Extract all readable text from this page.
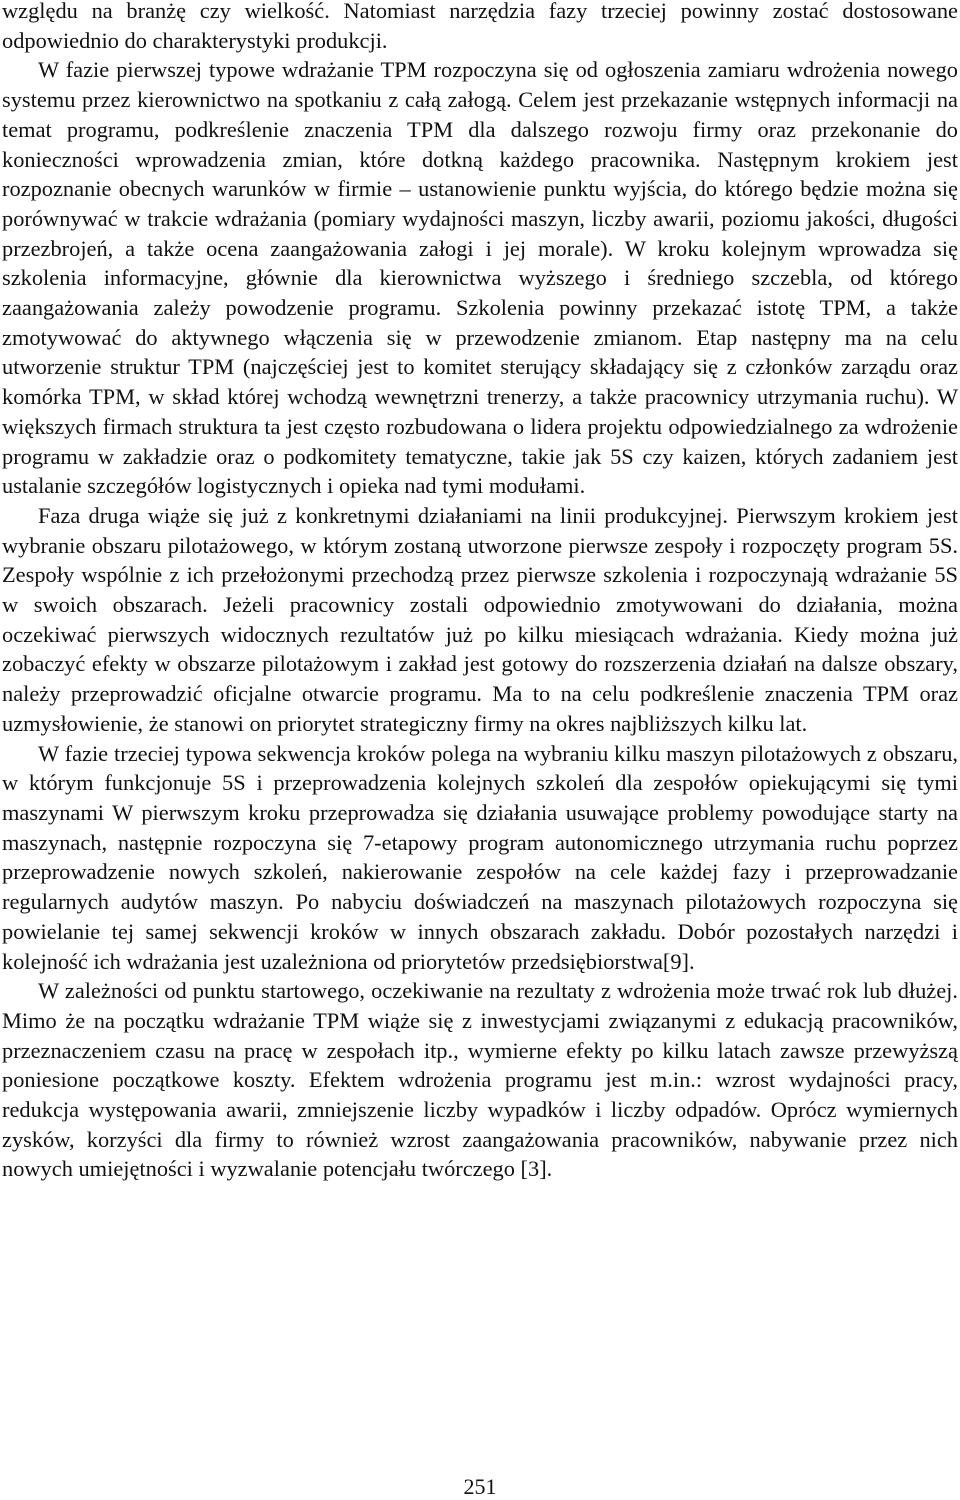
względu na branżę czy wielkość. Natomiast narzędzia fazy trzeciej powinny zostać dostosowane odpowiednio do charakterystyki produkcji.

W fazie pierwszej typowe wdrażanie TPM rozpoczyna się od ogłoszenia zamiaru wdrożenia nowego systemu przez kierownictwo na spotkaniu z całą załogą. Celem jest przekazanie wstępnych informacji na temat programu, podkreślenie znaczenia TPM dla dalszego rozwoju firmy oraz przekonanie do konieczności wprowadzenia zmian, które dotkną każdego pracownika. Następnym krokiem jest rozpoznanie obecnych warunków w firmie – ustanowienie punktu wyjścia, do którego będzie można się porównywać w trakcie wdrażania (pomiary wydajności maszyn, liczby awarii, poziomu jakości, długości przezbrojeń, a także ocena zaangażowania załogi i jej morale). W kroku kolejnym wprowadza się szkolenia informacyjne, głównie dla kierownictwa wyższego i średniego szczebla, od którego zaangażowania zależy powodzenie programu. Szkolenia powinny przekazać istotę TPM, a także zmotywować do aktywnego włączenia się w przewodzenie zmianom. Etap następny ma na celu utworzenie struktur TPM (najczęściej jest to komitet sterujący składający się z członków zarządu oraz komórka TPM, w skład której wchodzą wewnętrzni trenerzy, a także pracownicy utrzymania ruchu). W większych firmach struktura ta jest często rozbudowana o lidera projektu odpowiedzialnego za wdrożenie programu w zakładzie oraz o podkomitety tematyczne, takie jak 5S czy kaizen, których zadaniem jest ustalanie szczegółów logistycznych i opieka nad tymi modułami.

Faza druga wiąże się już z konkretnymi działaniami na linii produkcyjnej. Pierwszym krokiem jest wybranie obszaru pilotażowego, w którym zostaną utworzone pierwsze zespoły i rozpoczęty program 5S. Zespoły wspólnie z ich przełożonymi przechodzą przez pierwsze szkolenia i rozpoczynają wdrażanie 5S w swoich obszarach. Jeżeli pracownicy zostali odpowiednio zmotywowani do działania, można oczekiwać pierwszych widocznych rezultatów już po kilku miesiącach wdrażania. Kiedy można już zobaczyć efekty w obszarze pilotażowym i zakład jest gotowy do rozszerzenia działań na dalsze obszary, należy przeprowadzić oficjalne otwarcie programu. Ma to na celu podkreślenie znaczenia TPM oraz uzmysłowienie, że stanowi on priorytet strategiczny firmy na okres najbliższych kilku lat.

W fazie trzeciej typowa sekwencja kroków polega na wybraniu kilku maszyn pilotażowych z obszaru, w którym funkcjonuje 5S i przeprowadzenia kolejnych szkoleń dla zespołów opiekującymi się tymi maszynami W pierwszym kroku przeprowadza się działania usuwające problemy powodujące starty na maszynach, następnie rozpoczyna się 7-etapowy program autonomicznego utrzymania ruchu poprzez przeprowadzenie nowych szkoleń, nakierowanie zespołów na cele każdej fazy i przeprowadzanie regularnych audytów maszyn. Po nabyciu doświadczeń na maszynach pilotażowych rozpoczyna się powielanie tej samej sekwencji kroków w innych obszarach zakładu. Dobór pozostałych narzędzi i kolejność ich wdrażania jest uzależniona od priorytetów przedsiębiorstwa[9].

W zależności od punktu startowego, oczekiwanie na rezultaty z wdrożenia może trwać rok lub dłużej. Mimo że na początku wdrażanie TPM wiąże się z inwestycjami związanymi z edukacją pracowników, przeznaczeniem czasu na pracę w zespołach itp., wymierne efekty po kilku latach zawsze przewyższą poniesione początkowe koszty. Efektem wdrożenia programu jest m.in.: wzrost wydajności pracy, redukcja występowania awarii, zmniejszenie liczby wypadków i liczby odpadów. Oprócz wymiernych zysków, korzyści dla firmy to również wzrost zaangażowania pracowników, nabywanie przez nich nowych umiejętności i wyzwalanie potencjału twórczego [3].

251
